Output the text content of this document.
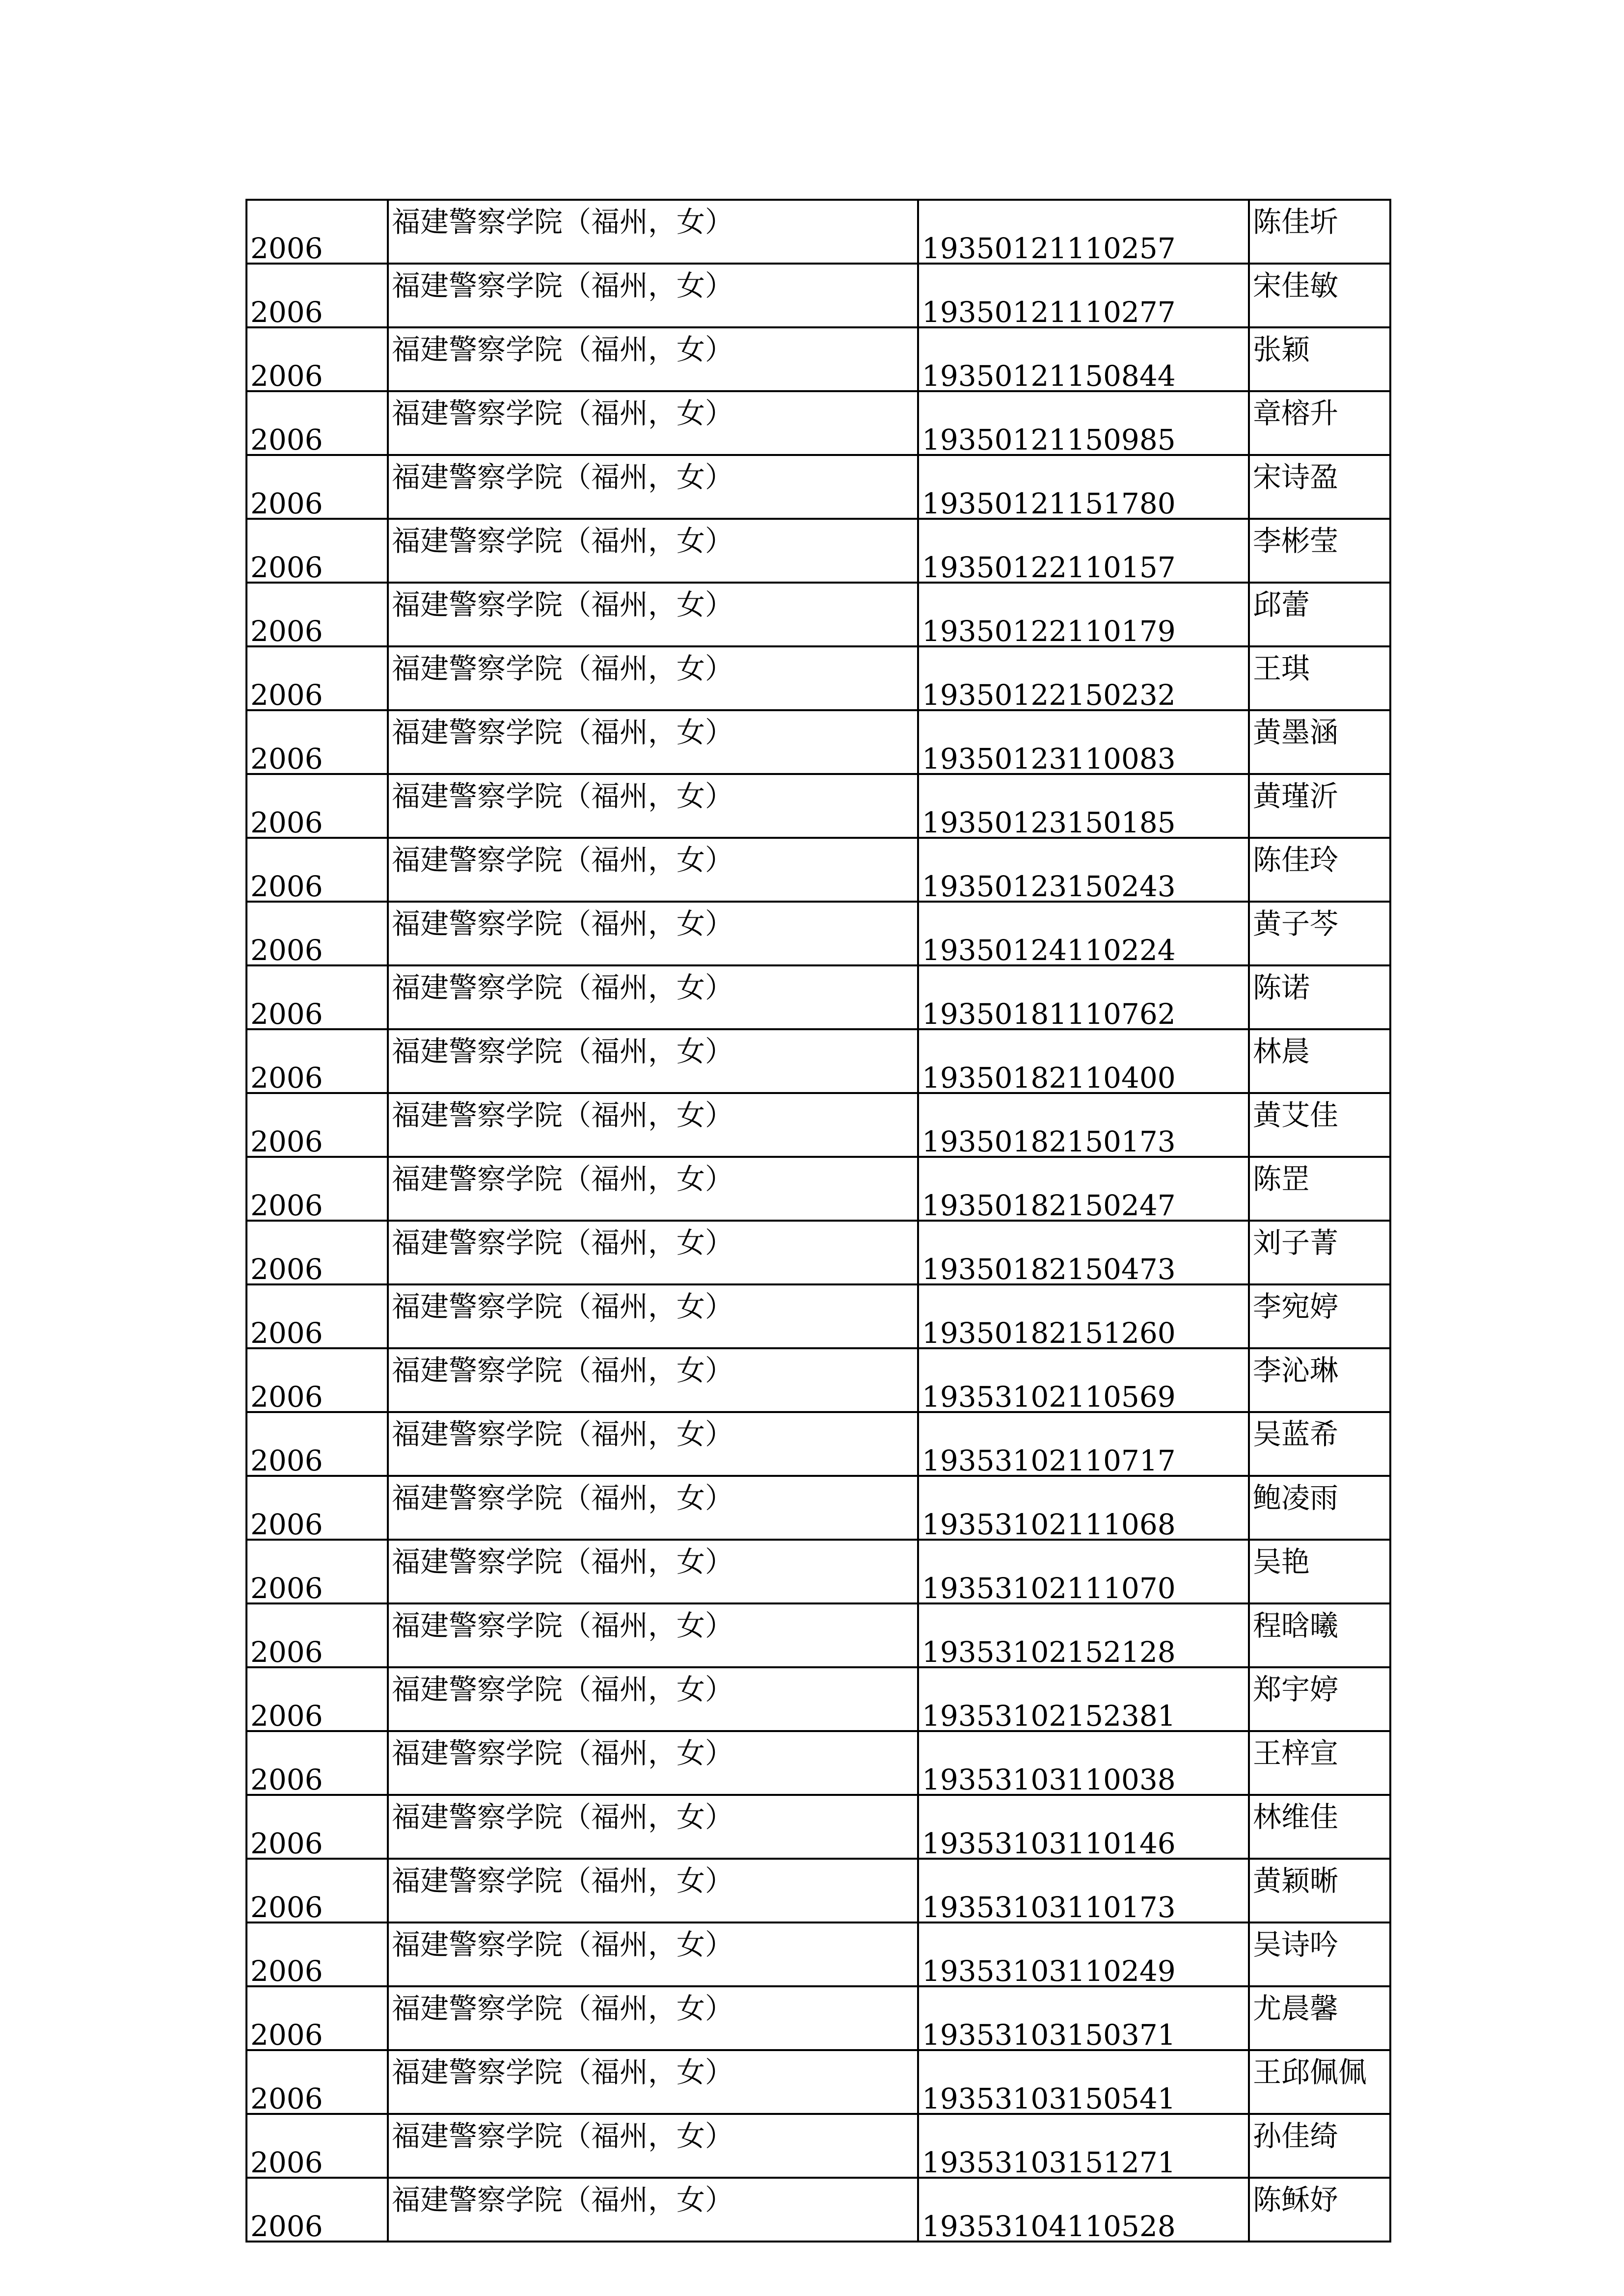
2006	福建警察学院（福州，女）	19350121110257	陈佳圻
2006	福建警察学院（福州，女）	19350121110277	宋佳敏
2006	福建警察学院（福州，女）	19350121150844	张颖
2006	福建警察学院（福州，女）	19350121150985	章榕升
2006	福建警察学院（福州，女）	19350121151780	宋诗盈
2006	福建警察学院（福州，女）	19350122110157	李彬莹
2006	福建警察学院（福州，女）	19350122110179	邱蕾
2006	福建警察学院（福州，女）	19350122150232	王琪
2006	福建警察学院（福州，女）	19350123110083	黄墨涵
2006	福建警察学院（福州，女）	19350123150185	黄瑾沂
2006	福建警察学院（福州，女）	19350123150243	陈佳玲
2006	福建警察学院（福州，女）	19350124110224	黄子芩
2006	福建警察学院（福州，女）	19350181110762	陈诺
2006	福建警察学院（福州，女）	19350182110400	林晨
2006	福建警察学院（福州，女）	19350182150173	黄艾佳
2006	福建警察学院（福州，女）	19350182150247	陈罡
2006	福建警察学院（福州，女）	19350182150473	刘子菁
2006	福建警察学院（福州，女）	19350182151260	李宛婷
2006	福建警察学院（福州，女）	19353102110569	李沁琳
2006	福建警察学院（福州，女）	19353102110717	吴蓝希
2006	福建警察学院（福州，女）	19353102111068	鲍凌雨
2006	福建警察学院（福州，女）	19353102111070	吴艳
2006	福建警察学院（福州，女）	19353102152128	程晗曦
2006	福建警察学院（福州，女）	19353102152381	郑宇婷
2006	福建警察学院（福州，女）	19353103110038	王梓宣
2006	福建警察学院（福州，女）	19353103110146	林维佳
2006	福建警察学院（福州，女）	19353103110173	黄颖晰
2006	福建警察学院（福州，女）	19353103110249	吴诗吟
2006	福建警察学院（福州，女）	19353103150371	尤晨馨
2006	福建警察学院（福州，女）	19353103150541	王邱佩佩
2006	福建警察学院（福州，女）	19353103151271	孙佳绮
2006	福建警察学院（福州，女）	19353104110528	陈稣妤
